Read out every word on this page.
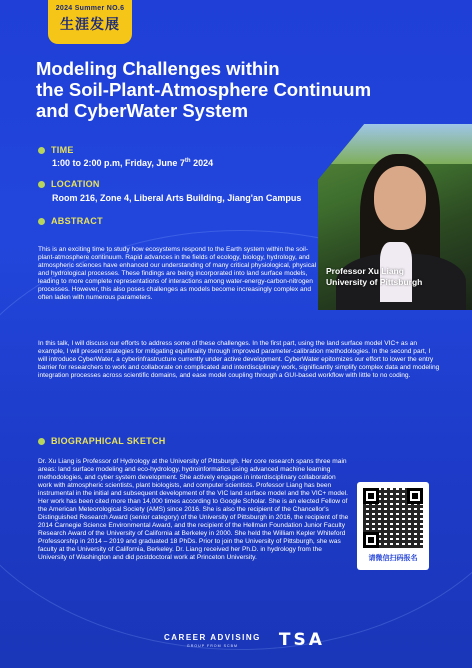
2024 Summer NO.6
生涯发展
Modeling Challenges within
the Soil-Plant-Atmosphere Continuum
and CyberWater System
TIME
1:00 to 2:00 p.m, Friday, June 7th 2024
LOCATION
Room 216, Zone 4, Liberal Arts Building, Jiang'an Campus
ABSTRACT
Professor Xu Liang
University of Pittsburgh
This is an exciting time to study how ecosystems respond to the Earth system within the soil-plant-atmosphere continuum. Rapid advances in the fields of ecology, biology, hydrology, and atmospheric sciences have enhanced our understanding of many critical physiological, physical and hydrological processes. These findings are being incorporated into land surface models, leading to more complete representations of interactions among water-energy-carbon-nitrogen processes. However, this also poses challenges as models become increasingly complex and often laden with numerous parameters.
In this talk, I will discuss our efforts to address some of these challenges. In the first part, using the land surface model VIC+ as an example, I will present strategies for mitigating equifinality through improved parameter-calibration methodologies. In the second part, I will introduce CyberWater, a cyberinfrastructure currently under active development. CyberWater epitomizes our effort to lower the entry barrier for researchers to work and collaborate on complicated and interdisciplinary work, significantly simplify complex data and modeling integration processes across scientific domains, and ease model coupling through a GUI-based workflow with little to no coding.
BIOGRAPHICAL SKETCH
Dr. Xu Liang is Professor of Hydrology at the University of Pittsburgh. Her core research spans three main areas: land surface modeling and eco-hydrology, hydroinformatics using advanced machine learning methodologies, and cyber system development. She actively engages in interdisciplinary collaboration work with atmospheric scientists, plant biologists, and computer scientists. Professor Liang has been instrumental in the initial and subsequent development of the VIC land surface model and the VIC+ model. Her work has been cited more than 14,000 times according to Google Scholar. She is an elected Fellow of the American Meteorological Society (AMS) since 2016. She is also the recipient of the Chancellor's Distinguished Research Award (senior category) of the University of Pittsburgh in 2016, the recipient of the 2014 Carnegie Science Environmental Award, and the recipient of the Hellman Foundation Junior Faculty Research Award of the University of California at Berkeley in 2000. She held the William Kepler Whiteford Professorship in 2014 – 2019 and graduated 18 PhDs. Prior to join the University of Pittsburgh, she was faculty at the University of California, Berkeley. Dr. Liang received her Ph.D. in hydrology from the University of Washington and did postdoctoral work at Princeton University.	请微信扫码报名
CAREER ADVISING
GROUP FROM SCBM	TSA
